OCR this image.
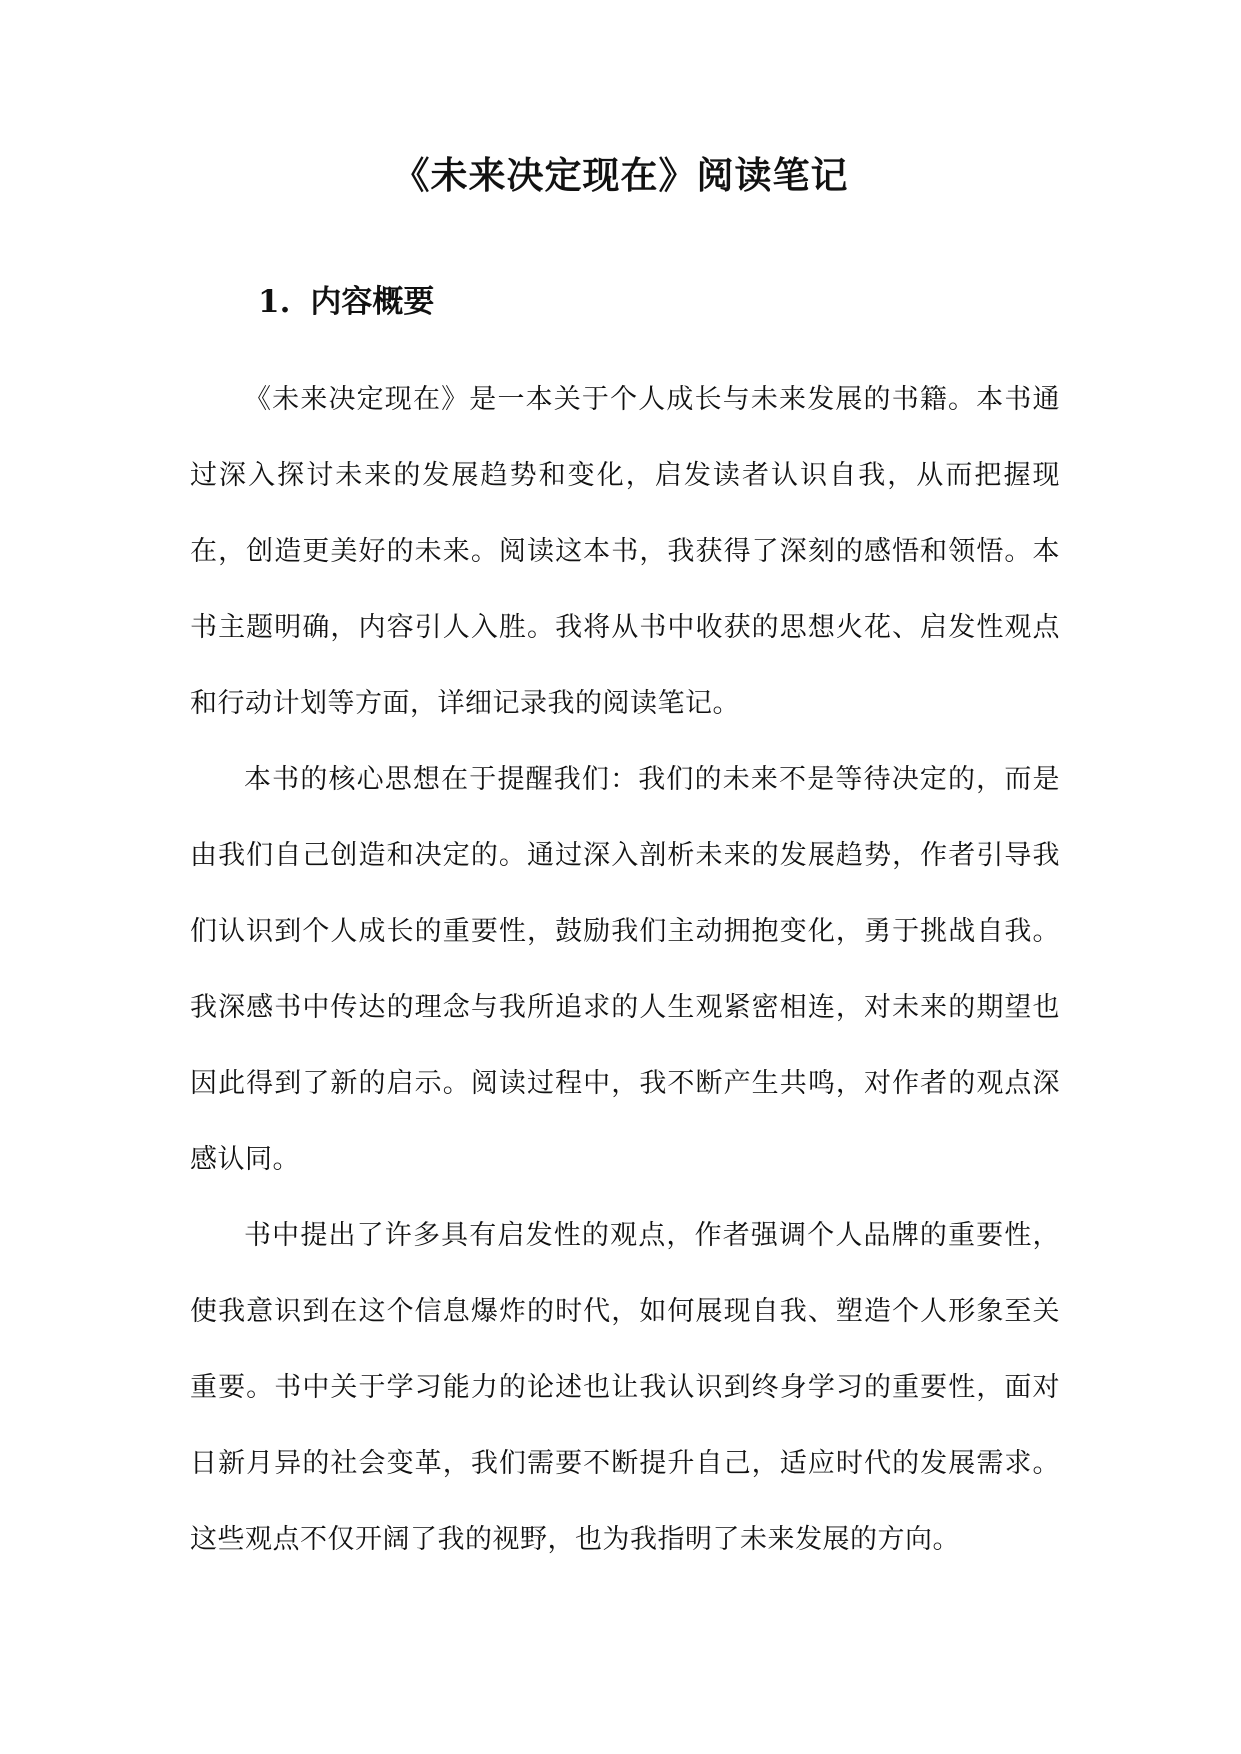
《未来决定现在》阅读笔记
1. 内容概要

《未来决定现在》是一本关于个人成长与未来发展的书籍。本书通过深入探讨未来的发展趋势和变化，启发读者认识自我，从而把握现在，创造更美好的未来。阅读这本书，我获得了深刻的感悟和领悟。本书主题明确，内容引人入胜。我将从书中收获的思想火花、启发性观点和行动计划等方面，详细记录我的阅读笔记。

本书的核心思想在于提醒我们：我们的未来不是等待决定的，而是由我们自己创造和决定的。通过深入剖析未来的发展趋势，作者引导我们认识到个人成长的重要性，鼓励我们主动拥抱变化，勇于挑战自我。我深感书中传达的理念与我所追求的人生观紧密相连，对未来的期望也因此得到了新的启示。阅读过程中，我不断产生共鸣，对作者的观点深感认同。

书中提出了许多具有启发性的观点，作者强调个人品牌的重要性，使我意识到在这个信息爆炸的时代，如何展现自我、塑造个人形象至关重要。书中关于学习能力的论述也让我认识到终身学习的重要性，面对日新月异的社会变革，我们需要不断提升自己，适应时代的发展需求。这些观点不仅开阔了我的视野，也为我指明了未来发展的方向。
